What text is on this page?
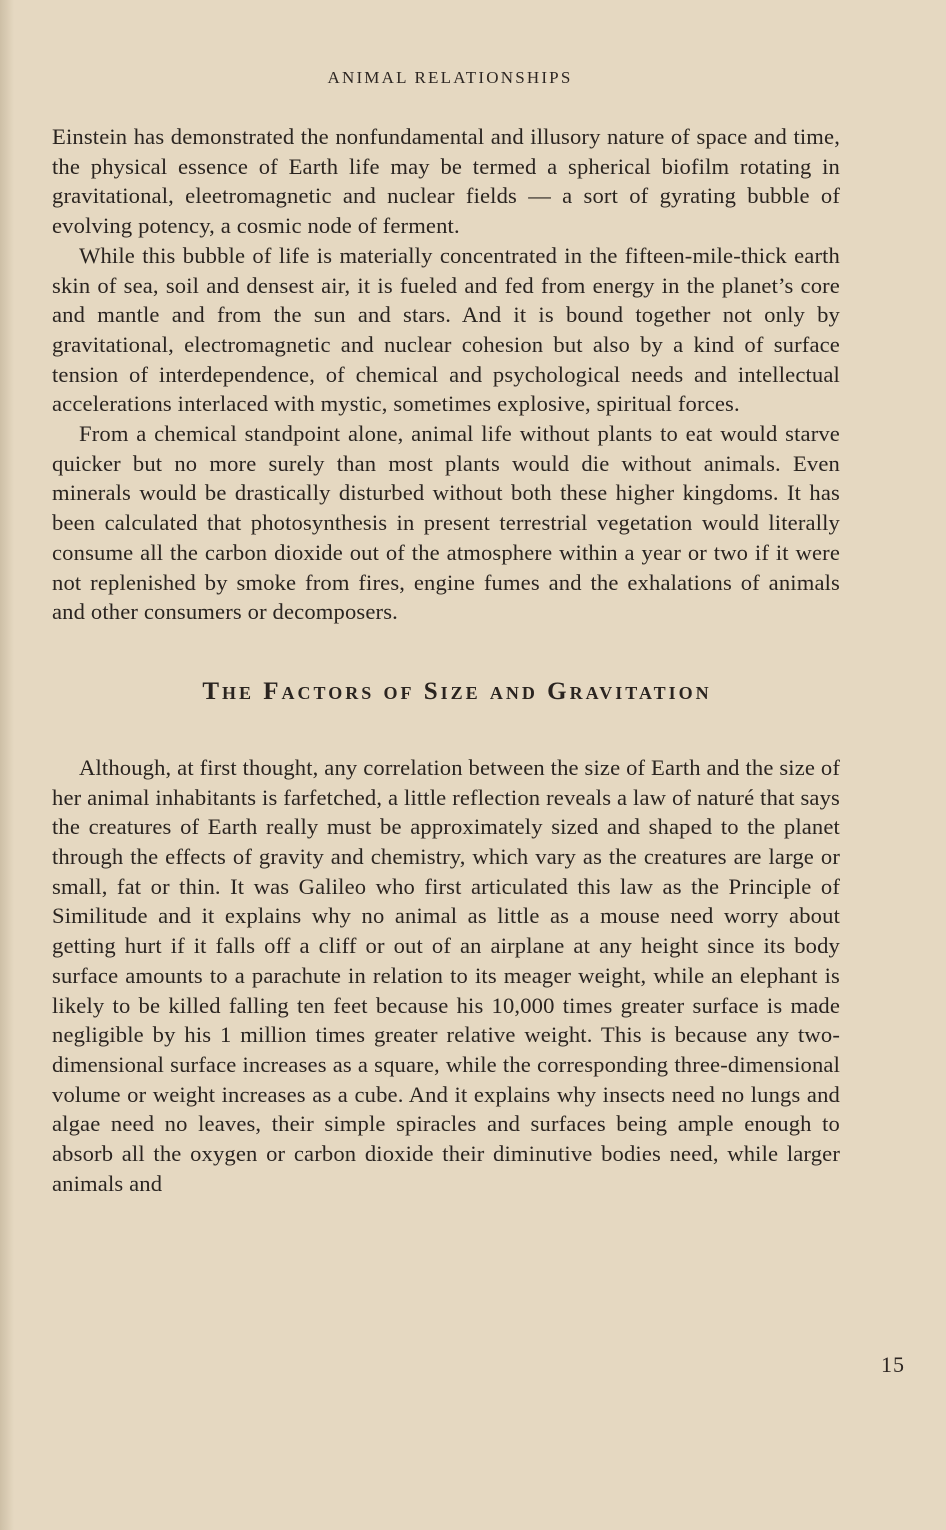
ANIMAL RELATIONSHIPS

Einstein has demonstrated the nonfundamental and illusory nature of space and time, the physical essence of Earth life may be termed a spherical biofilm rotating in gravitational, eleetromagnetic and nuclear fields — a sort of gyrating bubble of evolving potency, a cosmic node of ferment.

While this bubble of life is materially concentrated in the fifteen-mile-thick earth skin of sea, soil and densest air, it is fueled and fed from energy in the planet’s core and mantle and from the sun and stars. And it is bound together not only by gravitational, electromagnetic and nuclear cohesion but also by a kind of surface tension of interdependence, of chemical and psychological needs and intellectual accelerations interlaced with mystic, sometimes explosive, spiritual forces.

From a chemical standpoint alone, animal life without plants to eat would starve quicker but no more surely than most plants would die without animals. Even minerals would be drastically disturbed without both these higher kingdoms. It has been calculated that photosynthesis in present terrestrial vegetation would literally consume all the carbon dioxide out of the atmosphere within a year or two if it were not replenished by smoke from fires, engine fumes and the exhalations of animals and other consumers or decomposers.

The Factors of Size and Gravitation

Although, at first thought, any correlation between the size of Earth and the size of her animal inhabitants is farfetched, a little reflection reveals a law of naturé that says the creatures of Earth really must be approximately sized and shaped to the planet through the effects of gravity and chemistry, which vary as the creatures are large or small, fat or thin. It was Galileo who first articulated this law as the Principle of Similitude and it explains why no animal as little as a mouse need worry about getting hurt if it falls off a cliff or out of an airplane at any height since its body surface amounts to a parachute in relation to its meager weight, while an elephant is likely to be killed falling ten feet because his 10,000 times greater surface is made negligible by his 1 million times greater relative weight. This is because any two-dimensional surface increases as a square, while the corresponding three-dimensional volume or weight increases as a cube. And it explains why insects need no lungs and algae need no leaves, their simple spiracles and surfaces being ample enough to absorb all the oxygen or carbon dioxide their diminutive bodies need, while larger animals and

15
